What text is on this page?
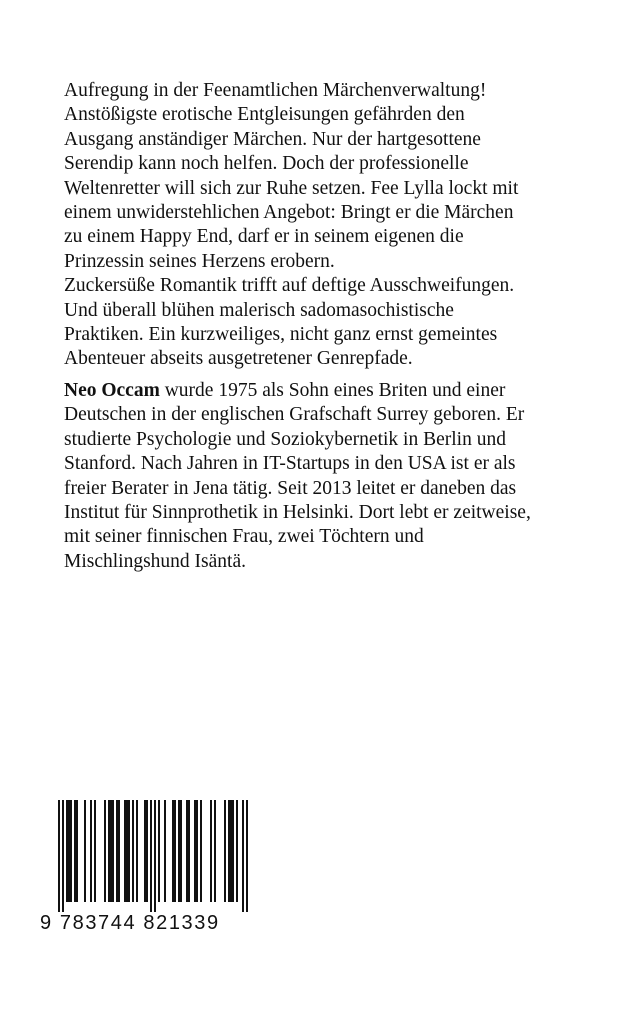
Aufregung in der Feenamtlichen Märchenverwaltung!
Anstößigste erotische Entgleisungen gefährden den
Ausgang anständiger Märchen. Nur der hartgesottene
Serendip kann noch helfen. Doch der professionelle
Weltenretter will sich zur Ruhe setzen. Fee Lylla lockt mit
einem unwiderstehlichen Angebot: Bringt er die Märchen
zu einem Happy End, darf er in seinem eigenen die
Prinzessin seines Herzens erobern.
Zuckersüße Romantik trifft auf deftige Ausschweifungen.
Und überall blühen malerisch sadomasochistische
Praktiken. Ein kurzweiliges, nicht ganz ernst gemeintes
Abenteuer abseits ausgetretener Genrepfade.
Neo Occam wurde 1975 als Sohn eines Briten und einer
Deutschen in der englischen Grafschaft Surrey geboren. Er
studierte Psychologie und Soziokybernetik in Berlin und
Stanford. Nach Jahren in IT-Startups in den USA ist er als
freier Berater in Jena tätig. Seit 2013 leitet er daneben das
Institut für Sinnprothetik in Helsinki. Dort lebt er zeitweise,
mit seiner finnischen Frau, zwei Töchtern und
Mischlingshund Isäntä.
9 783744 821339
